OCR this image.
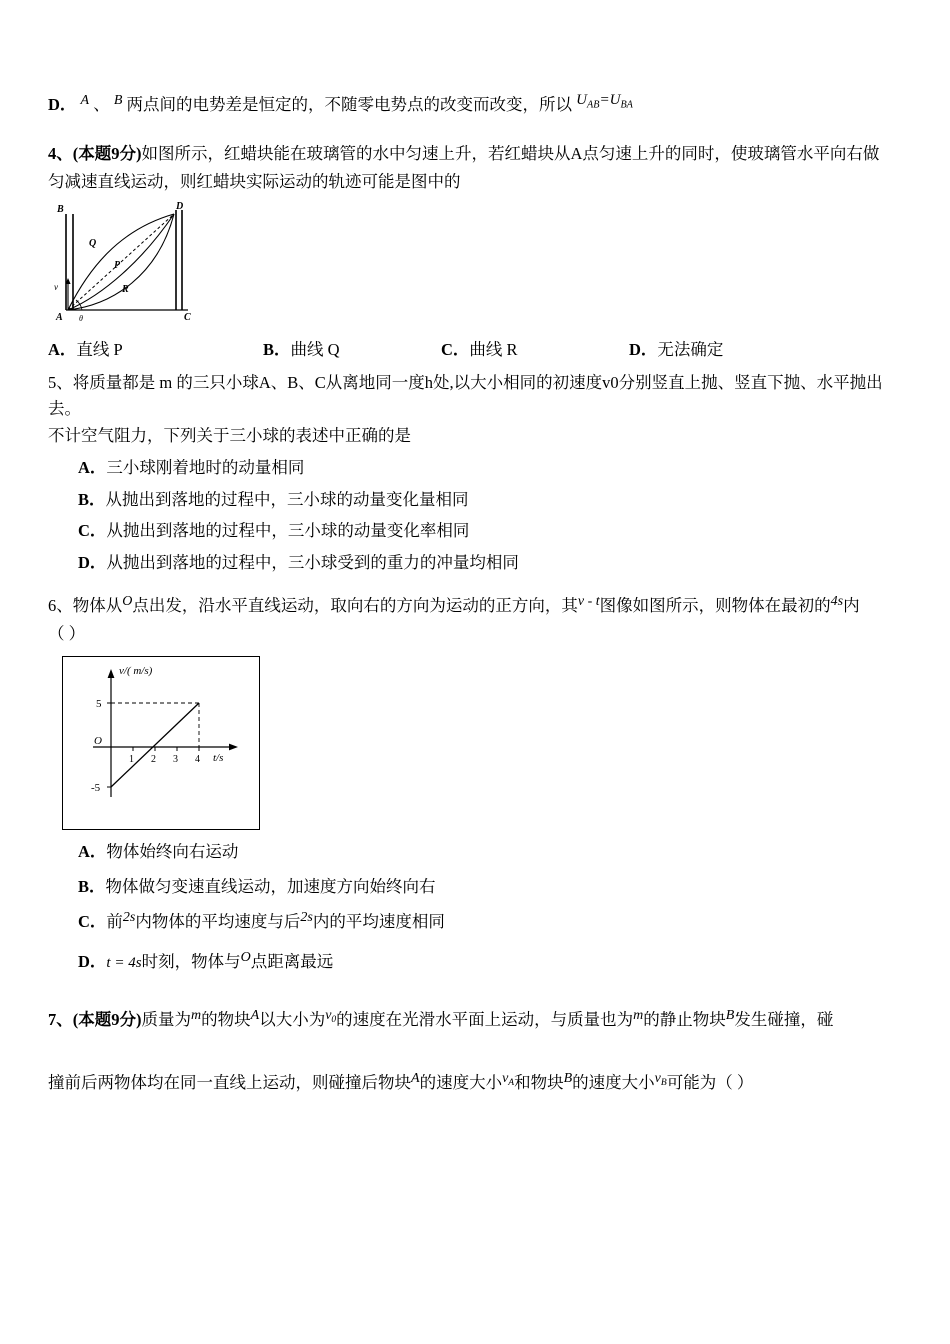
D． $^A$ 、 $^B$ 两点间的电势差是恒定的，不随零电势点的改变而改变，所以 $U_{AB}=U_{BA}$
4、(本题9分)如图所示，红蜡块能在玻璃管的水中匀速上升，若红蜡块从A点匀速上升的同时，使玻璃管水平向右做
匀减速直线运动，则红蜡块实际运动的轨迹可能是图中的
B	D
Q
P
R
v
A	C
θ
A．直线 P	B．曲线 Q	C．曲线 R	D．无法确定
5、将质量都是 m 的三只小球A、B、C从离地同一度h处,以大小相同的初速度v0分别竖直上抛、竖直下抛、水平抛出去。
不计空气阻力，下列关于三小球的表述中正确的是
A．三小球刚着地时的动量相同
B．从抛出到落地的过程中，三小球的动量变化量相同
C．从抛出到落地的过程中，三小球的动量变化率相同
D．从抛出到落地的过程中，三小球受到的重力的冲量均相同
6、物体从$^O$点出发，沿水平直线运动，取向右的方向为运动的正方向，其$^{v - t}$图像如图所示，则物体在最初的$^{4s}$内
（ ）
v/( m/s)
5
-5
O
1 2 3 4 t/s
A．物体始终向右运动
B．物体做匀变速直线运动，加速度方向始终向右
C．前$^{2s}$内物体的平均速度与后$^{2s}$内的平均速度相同
D．t = 4s时刻，物体与$^O$点距离最远
7、(本题9分)质量为$^m$的物块$^A$以大小为$^{v_0}$的速度在光滑水平面上运动，与质量也为$^m$的静止物块$^B$发生碰撞，碰
撞前后两物体均在同一直线上运动，则碰撞后物块$^A$的速度大小$^{v_A}$和物块$^B$的速度大小$^{v_B}$可能为（ ）
